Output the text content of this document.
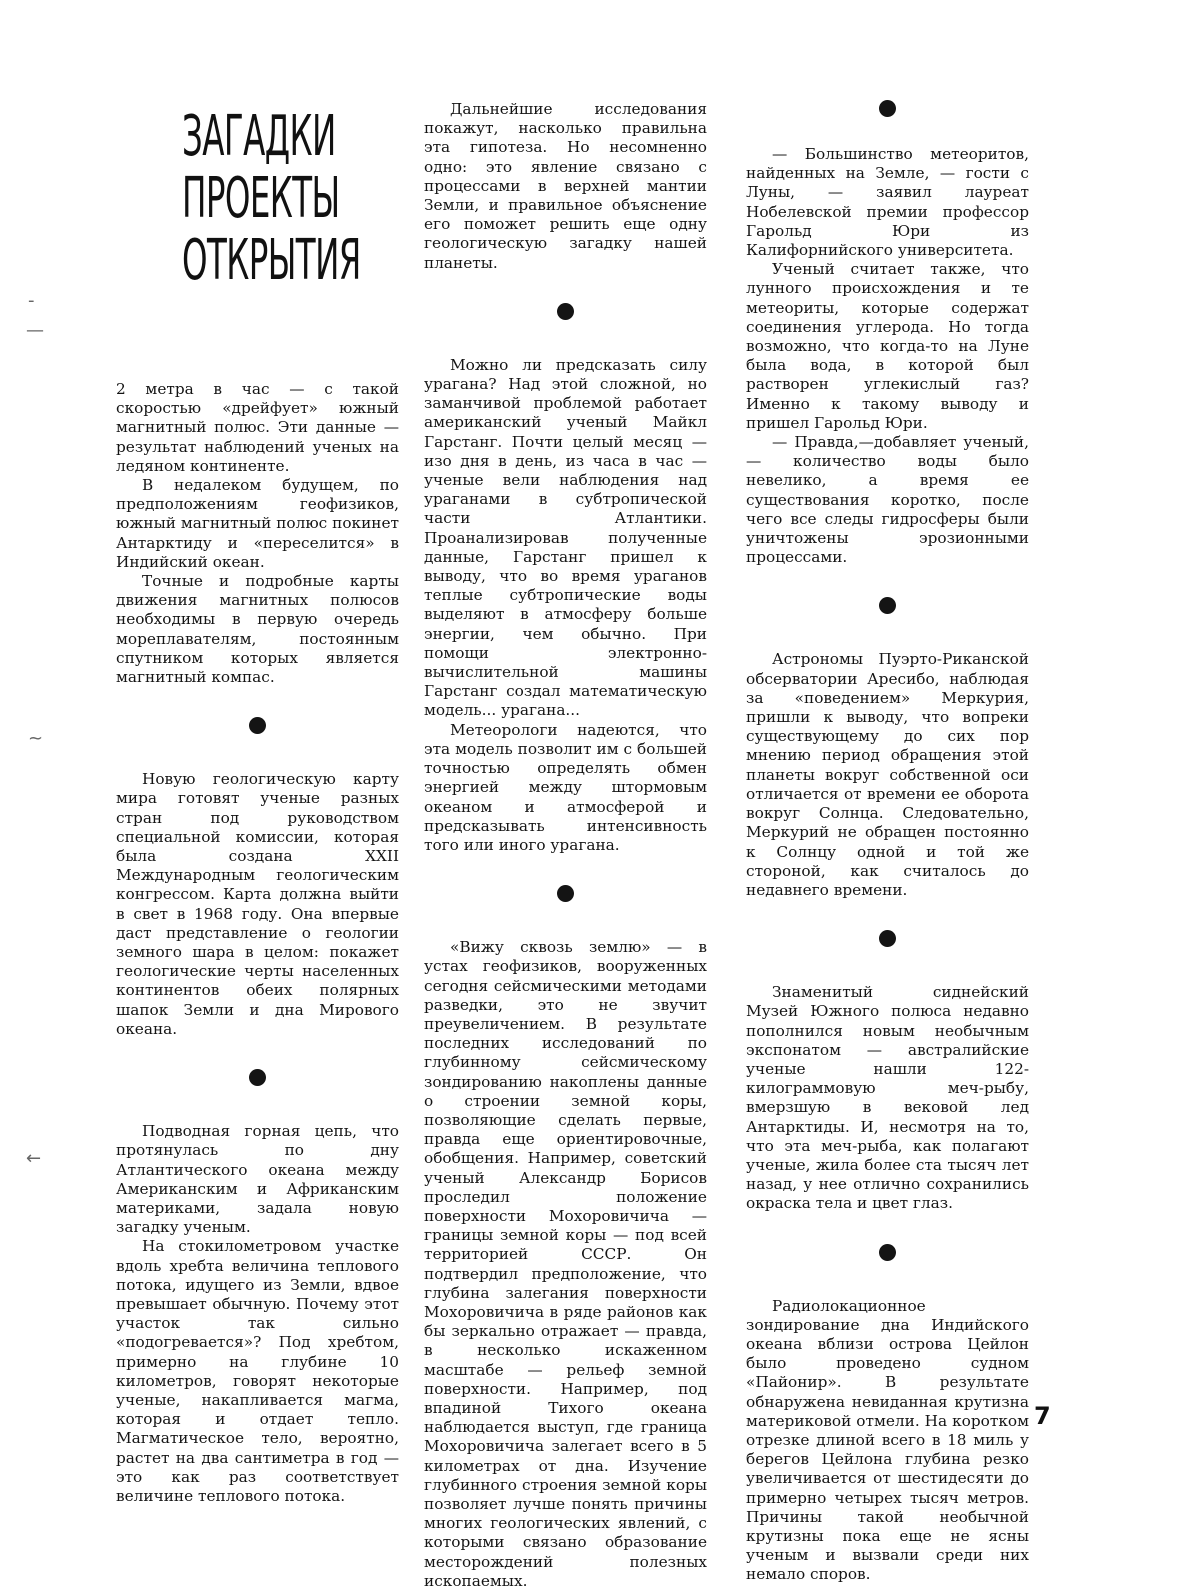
ЗАГАДКИ
ПРОЕКТЫ
ОТКРЫТИЯ
-
—
~
←

2 метра в час — с такой скоростью «дрейфует» южный магнитный полюс. Эти данные — результат наблюдений ученых на ледяном континенте.

В недалеком будущем, по предположениям геофизиков, южный магнитный полюс покинет Антарктиду и «переселится» в Индийский океан.

Точные и подробные карты движения магнитных полюсов необходимы в первую очередь мореплавателям, постоянным спутником которых является магнитный компас.

Новую геологическую карту мира готовят ученые разных стран под руководством специальной комиссии, которая была создана XXII Международным геологическим конгрессом. Карта должна выйти в свет в 1968 году. Она впервые даст представление о геологии земного шара в целом: покажет геологические черты населенных континентов обеих полярных шапок Земли и дна Мирового океана.

Подводная горная цепь, что протянулась по дну Атлантического океана между Американским и Африканским материками, задала новую загадку ученым.

На стокилометровом участке вдоль хребта величина теплового потока, идущего из Земли, вдвое превышает обычную. Почему этот участок так сильно «подогревается»? Под хребтом, примерно на глубине 10 километров, говорят некоторые ученые, накапливается магма, которая и отдает тепло. Магматическое тело, вероятно, растет на два сантиметра в год — это как раз соответствует величине теплового потока.

Дальнейшие исследования покажут, насколько правильна эта гипотеза. Но несомненно одно: это явление связано с процессами в верхней мантии Земли, и правильное объяснение его поможет решить еще одну геологическую загадку нашей планеты.

Можно ли предсказать силу урагана? Над этой сложной, но заманчивой проблемой работает американский ученый Майкл Гарстанг. Почти целый месяц — изо дня в день, из часа в час — ученые вели наблюдения над ураганами в субтропической части Атлантики. Проанализировав полученные данные, Гарстанг пришел к выводу, что во время ураганов теплые субтропические воды выделяют в атмосферу больше энергии, чем обычно. При помощи электронно-вычислительной машины Гарстанг создал математическую модель... урагана...

Метеорологи надеются, что эта модель позволит им с большей точностью определять обмен энергией между штормовым океаном и атмосферой и предсказывать интенсивность того или иного урагана.

«Вижу сквозь землю» — в устах геофизиков, вооруженных сегодня сейсмическими методами разведки, это не звучит преувеличением. В результате последних исследований по глубинному сейсмическому зондированию накоплены данные о строении земной коры, позволяющие сделать первые, правда еще ориентировочные, обобщения. Например, советский ученый Александр Борисов проследил положение поверхности Мохоровичича — границы земной коры — под всей территорией СССР. Он подтвердил предположение, что глубина залегания поверхности Мохоровичича в ряде районов как бы зеркально отражает — правда, в несколько искаженном масштабе — рельеф земной поверхности. Например, под впадиной Тихого океана наблюдается выступ, где граница Мохоровичича залегает всего в 5 километрах от дна. Изучение глубинного строения земной коры позволяет лучше понять причины многих геологических явлений, с которыми связано образование месторождений полезных ископаемых.

— Большинство метеоритов, найденных на Земле, — гости с Луны, — заявил лауреат Нобелевской премии профессор Гарольд Юри из Калифорнийского университета.

Ученый считает также, что лунного происхождения и те метеориты, которые содержат соединения углерода. Но тогда возможно, что когда-то на Луне была вода, в которой был растворен углекислый газ? Именно к такому выводу и пришел Гарольд Юри.

— Правда,—добавляет ученый,— количество воды было невелико, а время ее существования коротко, после чего все следы гидросферы были уничтожены эрозионными процессами.

Астрономы Пуэрто-Риканской обсерватории Аресибо, наблюдая за «поведением» Меркурия, пришли к выводу, что вопреки существующему до сих пор мнению период обращения этой планеты вокруг собственной оси отличается от времени ее оборота вокруг Солнца. Следовательно, Меркурий не обращен постоянно к Солнцу одной и той же стороной, как считалось до недавнего времени.

Знаменитый сиднейский Музей Южного полюса недавно пополнился новым необычным экспонатом — австралийские ученые нашли 122-килограммовую меч-рыбу, вмерзшую в вековой лед Антарктиды. И, несмотря на то, что эта меч-рыба, как полагают ученые, жила более ста тысяч лет назад, у нее отлично сохранились окраска тела и цвет глаз.

Радиолокационное зондирование дна Индийского океана вблизи острова Цейлон было проведено судном «Пайонир». В результате обнаружена невиданная крутизна материковой отмели. На коротком отрезке длиной всего в 18 миль у берегов Цейлона глубина резко увеличивается от шестидесяти до примерно четырех тысяч метров. Причины такой необычной крутизны пока еще не ясны ученым и вызвали среди них немало споров.

7
